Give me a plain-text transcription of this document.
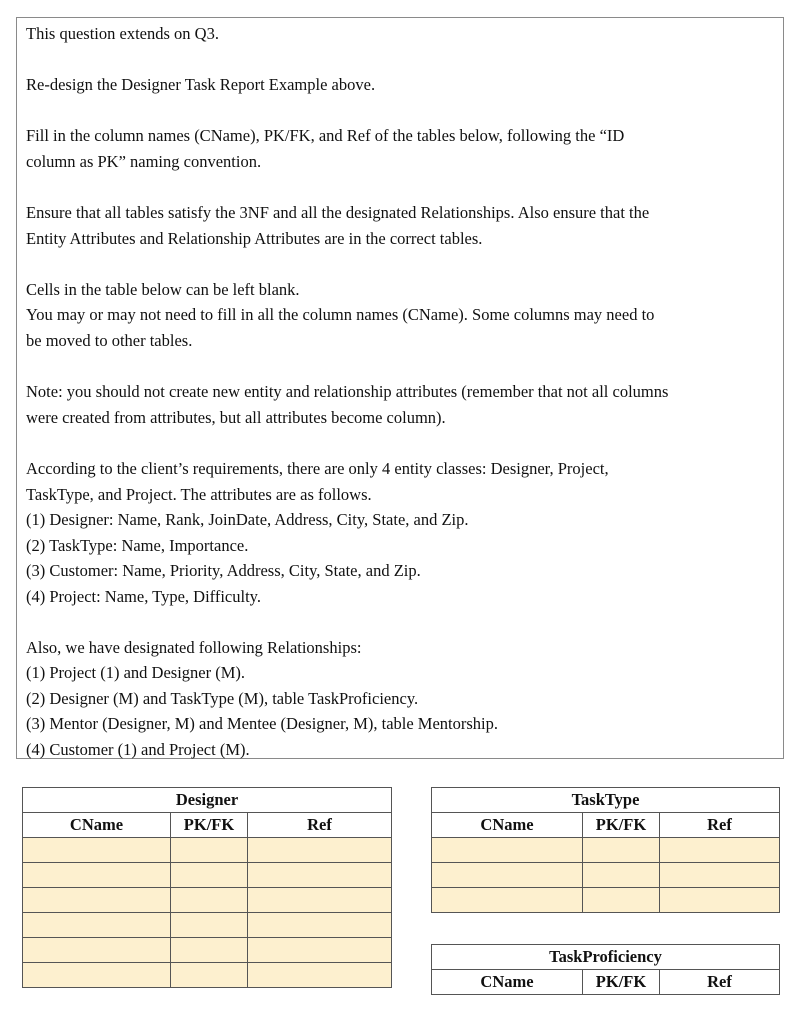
This question extends on Q3.
Re-design the Designer Task Report Example above.
Fill in the column names (CName), PK/FK, and Ref of the tables below, following the “ID
column as PK” naming convention.
Ensure that all tables satisfy the 3NF and all the designated Relationships. Also ensure that the
Entity Attributes and Relationship Attributes are in the correct tables.
Cells in the table below can be left blank.
You may or may not need to fill in all the column names (CName). Some columns may need to
be moved to other tables.
Note: you should not create new entity and relationship attributes (remember that not all columns
were created from attributes, but all attributes become column).
According to the client’s requirements, there are only 4 entity classes: Designer, Project,
TaskType, and Project. The attributes are as follows.
(1) Designer: Name, Rank, JoinDate, Address, City, State, and Zip.
(2) TaskType: Name, Importance.
(3) Customer: Name, Priority, Address, City, State, and Zip.
(4) Project: Name, Type, Difficulty.
Also, we have designated following Relationships:
(1) Project (1) and Designer (M).
(2) Designer (M) and TaskType (M), table TaskProficiency.
(3) Mentor (Designer, M) and Mentee (Designer, M), table Mentorship.
(4) Customer (1) and Project (M).
Designer		
CName	PK/FK	Ref

TaskType		
CName	PK/FK	Ref

TaskProficiency
CName	PK/FK	Ref
